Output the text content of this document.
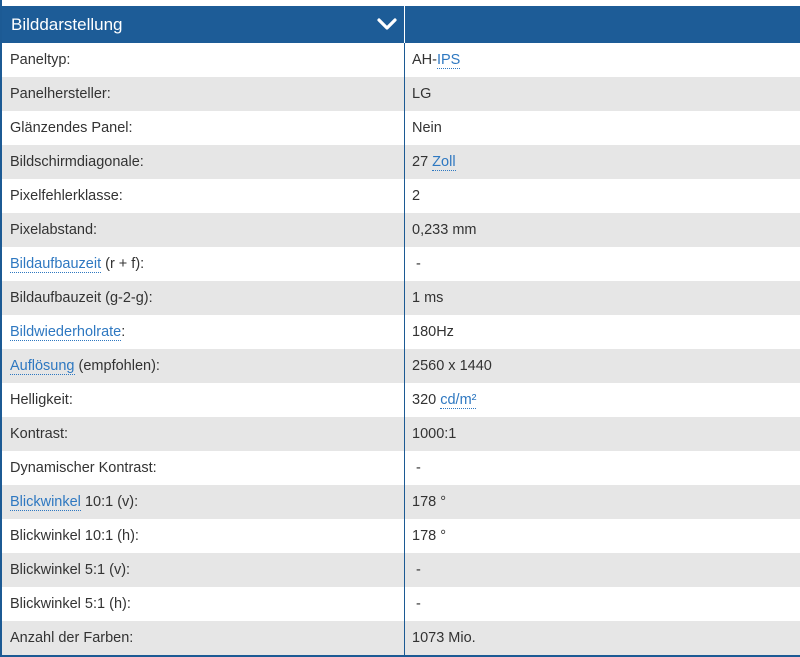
Bilddarstellung
Paneltyp:	AH-IPS
Panelhersteller:	LG
Glänzendes Panel:	Nein
Bildschirmdiagonale:	27 Zoll
Pixelfehlerklasse:	2
Pixelabstand:	0,233 mm
Bildaufbauzeit (r + f):	-
Bildaufbauzeit (g-2-g):	1 ms
Bildwiederholrate:	180Hz
Auflösung (empfohlen):	2560 x 1440
Helligkeit:	320 cd/m²
Kontrast:	1000:1
Dynamischer Kontrast:	-
Blickwinkel 10:1 (v):	178 °
Blickwinkel 10:1 (h):	178 °
Blickwinkel 5:1 (v):	-
Blickwinkel 5:1 (h):	-
Anzahl der Farben:	1073 Mio.
